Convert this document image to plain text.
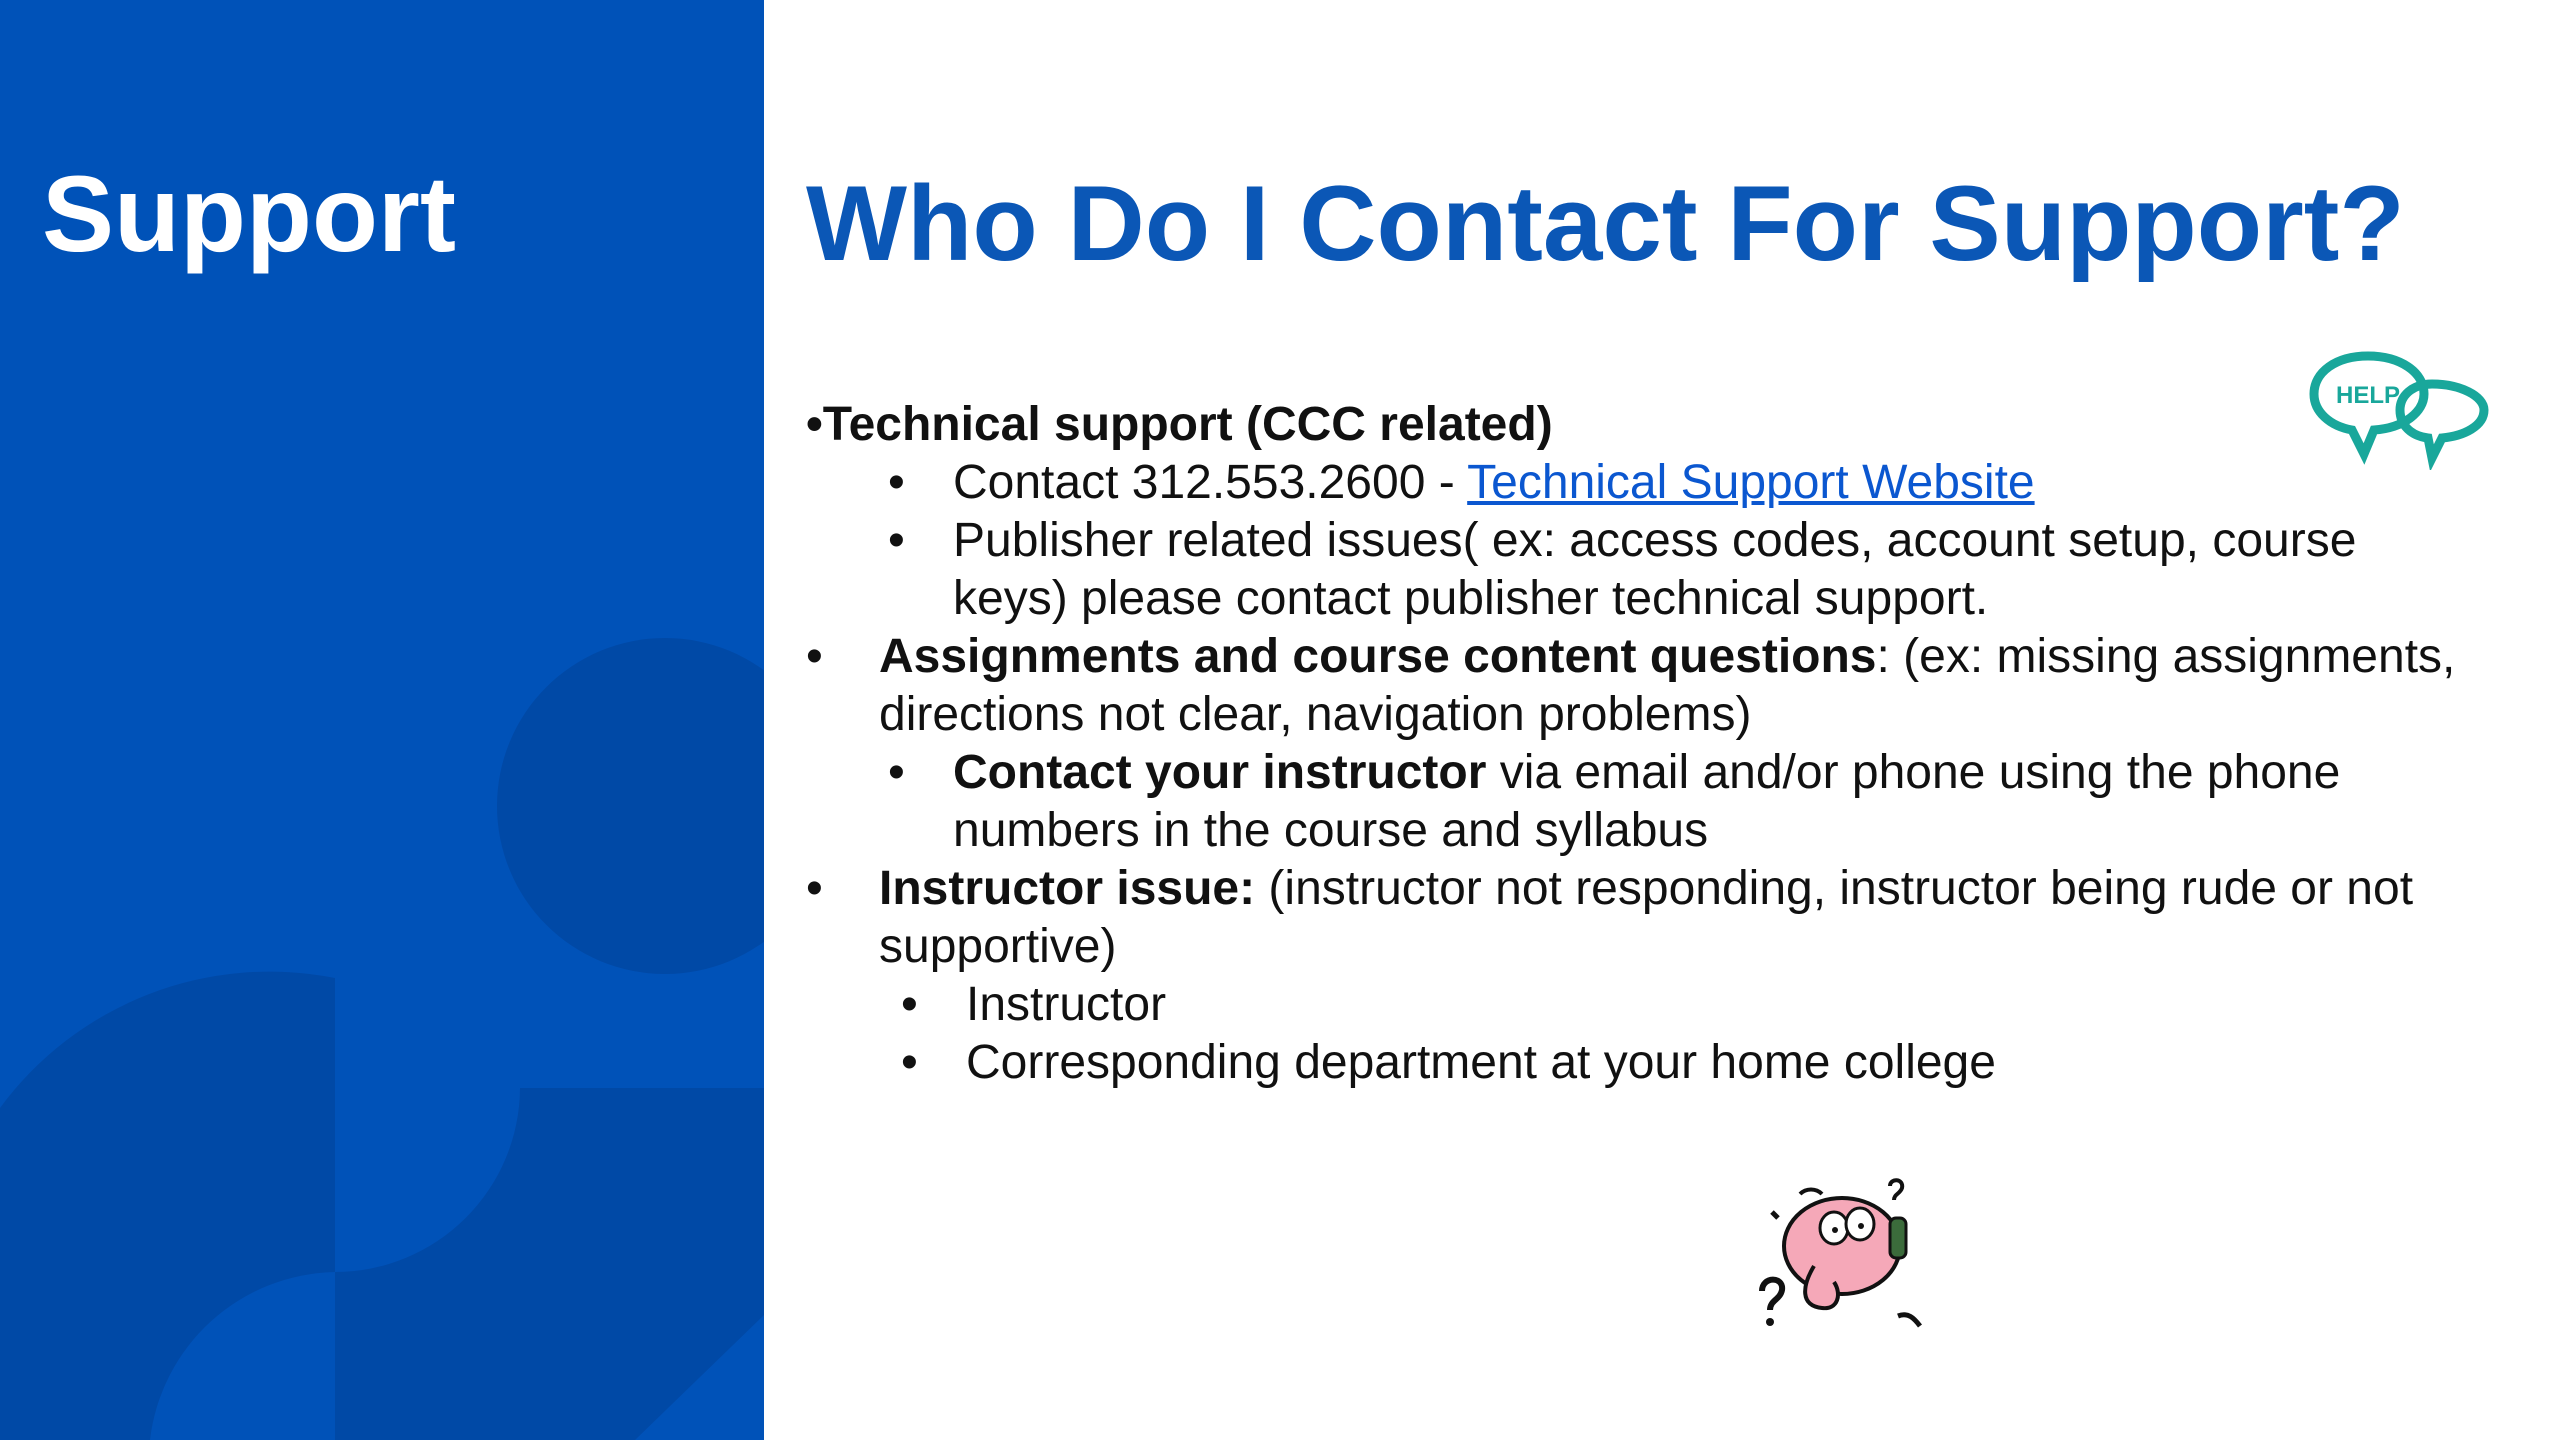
Support	Who Do I Contact For Support?
HELP
•Technical support (CCC related)
• Contact 312.553.2600 - Technical Support Website
• Publisher related issues( ex: access codes, account setup, course
keys) please contact publisher technical support.
• Assignments and course content questions: (ex: missing assignments,
directions not clear, navigation problems)
• Contact your instructor via email and/or phone using the phone
numbers in the course and syllabus
• Instructor issue: (instructor not responding, instructor being rude or not
supportive)
• Instructor
• Corresponding department at your home college
